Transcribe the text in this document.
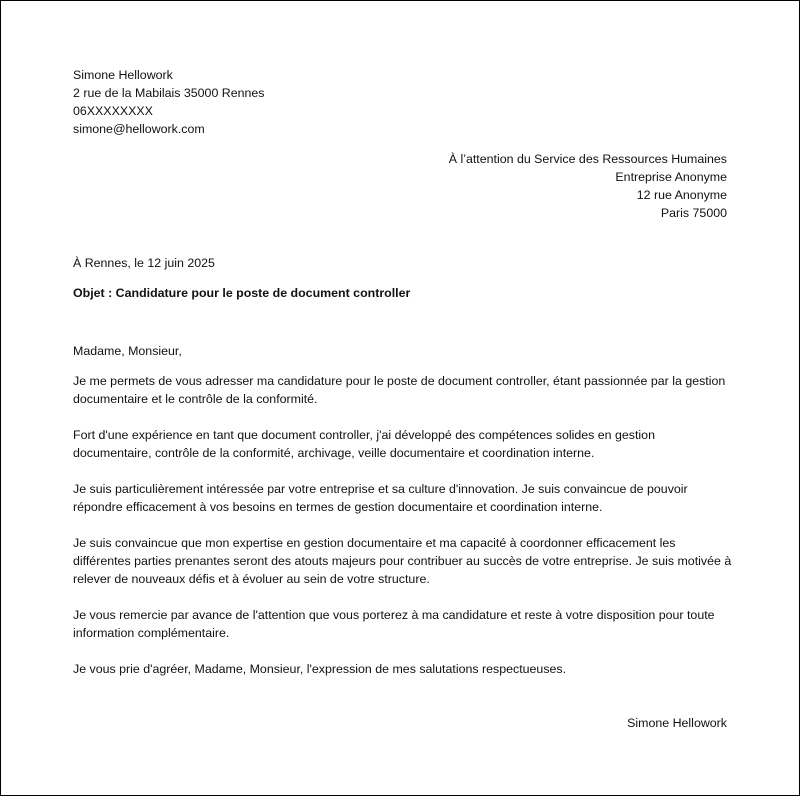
Simone Hellowork
2 rue de la Mabilais 35000 Rennes
06XXXXXXXX
simone@hellowork.com
À l’attention du Service des Ressources Humaines
Entreprise Anonyme
12 rue Anonyme
Paris 75000
À Rennes, le 12 juin 2025
Objet : Candidature pour le poste de document controller
Madame, Monsieur,

Je me permets de vous adresser ma candidature pour le poste de document controller, étant passionnée par la gestion documentaire et le contrôle de la conformité.

Fort d'une expérience en tant que document controller, j'ai développé des compétences solides en gestion documentaire, contrôle de la conformité, archivage, veille documentaire et coordination interne.

Je suis particulièrement intéressée par votre entreprise et sa culture d'innovation. Je suis convaincue de pouvoir répondre efficacement à vos besoins en termes de gestion documentaire et coordination interne.

Je suis convaincue que mon expertise en gestion documentaire et ma capacité à coordonner efficacement les différentes parties prenantes seront des atouts majeurs pour contribuer au succès de votre entreprise. Je suis motivée à relever de nouveaux défis et à évoluer au sein de votre structure.

Je vous remercie par avance de l'attention que vous porterez à ma candidature et reste à votre disposition pour toute information complémentaire.

Je vous prie d'agréer, Madame, Monsieur, l'expression de mes salutations respectueuses.

Simone Hellowork
